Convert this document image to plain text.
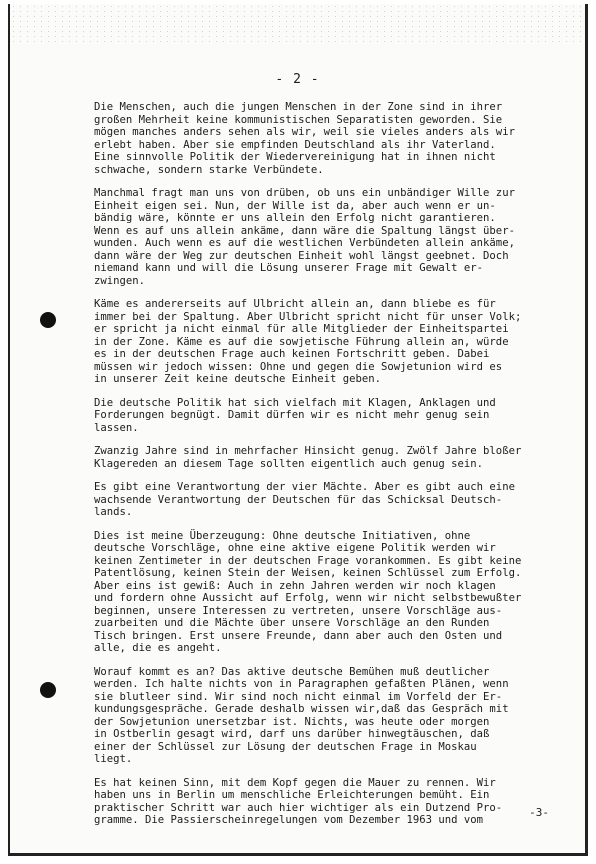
- 2 -

Die Menschen, auch die jungen Menschen in der Zone sind in ihrer
großen Mehrheit keine kommunistischen Separatisten geworden. Sie
mögen manches anders sehen als wir, weil sie vieles anders als wir
erlebt haben. Aber sie empfinden Deutschland als ihr Vaterland.
Eine sinnvolle Politik der Wiedervereinigung hat in ihnen nicht
schwache, sondern starke Verbündete.

Manchmal fragt man uns von drüben, ob uns ein unbändiger Wille zur
Einheit eigen sei. Nun, der Wille ist da, aber auch wenn er un-
bändig wäre, könnte er uns allein den Erfolg nicht garantieren.
Wenn es auf uns allein ankäme, dann wäre die Spaltung längst über-
wunden. Auch wenn es auf die westlichen Verbündeten allein ankäme,
dann wäre der Weg zur deutschen Einheit wohl längst geebnet. Doch
niemand kann und will die Lösung unserer Frage mit Gewalt er-
zwingen.

Käme es andererseits auf Ulbricht allein an, dann bliebe es für
immer bei der Spaltung. Aber Ulbricht spricht nicht für unser Volk;
er spricht ja nicht einmal für alle Mitglieder der Einheitspartei
in der Zone. Käme es auf die sowjetische Führung allein an, würde
es in der deutschen Frage auch keinen Fortschritt geben. Dabei
müssen wir jedoch wissen: Ohne und gegen die Sowjetunion wird es
in unserer Zeit keine deutsche Einheit geben.

Die deutsche Politik hat sich vielfach mit Klagen, Anklagen und
Forderungen begnügt. Damit dürfen wir es nicht mehr genug sein
lassen.

Zwanzig Jahre sind in mehrfacher Hinsicht genug. Zwölf Jahre bloßer
Klagereden an diesem Tage sollten eigentlich auch genug sein.

Es gibt eine Verantwortung der vier Mächte. Aber es gibt auch eine
wachsende Verantwortung der Deutschen für das Schicksal Deutsch-
lands.

Dies ist meine Überzeugung: Ohne deutsche Initiativen, ohne
deutsche Vorschläge, ohne eine aktive eigene Politik werden wir
keinen Zentimeter in der deutschen Frage vorankommen. Es gibt keine
Patentlösung, keinen Stein der Weisen, keinen Schlüssel zum Erfolg.
Aber eins ist gewiß: Auch in zehn Jahren werden wir noch klagen
und fordern ohne Aussicht auf Erfolg, wenn wir nicht selbstbewußter
beginnen, unsere Interessen zu vertreten, unsere Vorschläge aus-
zuarbeiten und die Mächte über unsere Vorschläge an den Runden
Tisch bringen. Erst unsere Freunde, dann aber auch den Osten und
alle, die es angeht.

Worauf kommt es an? Das aktive deutsche Bemühen muß deutlicher
werden. Ich halte nichts von in Paragraphen gefaßten Plänen, wenn
sie blutleer sind. Wir sind noch nicht einmal im Vorfeld der Er-
kundungsgespräche. Gerade deshalb wissen wir,daß das Gespräch mit
der Sowjetunion unersetzbar ist. Nichts, was heute oder morgen
in Ostberlin gesagt wird, darf uns darüber hinwegtäuschen, daß
einer der Schlüssel zur Lösung der deutschen Frage in Moskau
liegt.

Es hat keinen Sinn, mit dem Kopf gegen die Mauer zu rennen. Wir
haben uns in Berlin um menschliche Erleichterungen bemüht. Ein
praktischer Schritt war auch hier wichtiger als ein Dutzend Pro-
gramme. Die Passierscheinregelungen vom Dezember 1963 und vom

-3-
